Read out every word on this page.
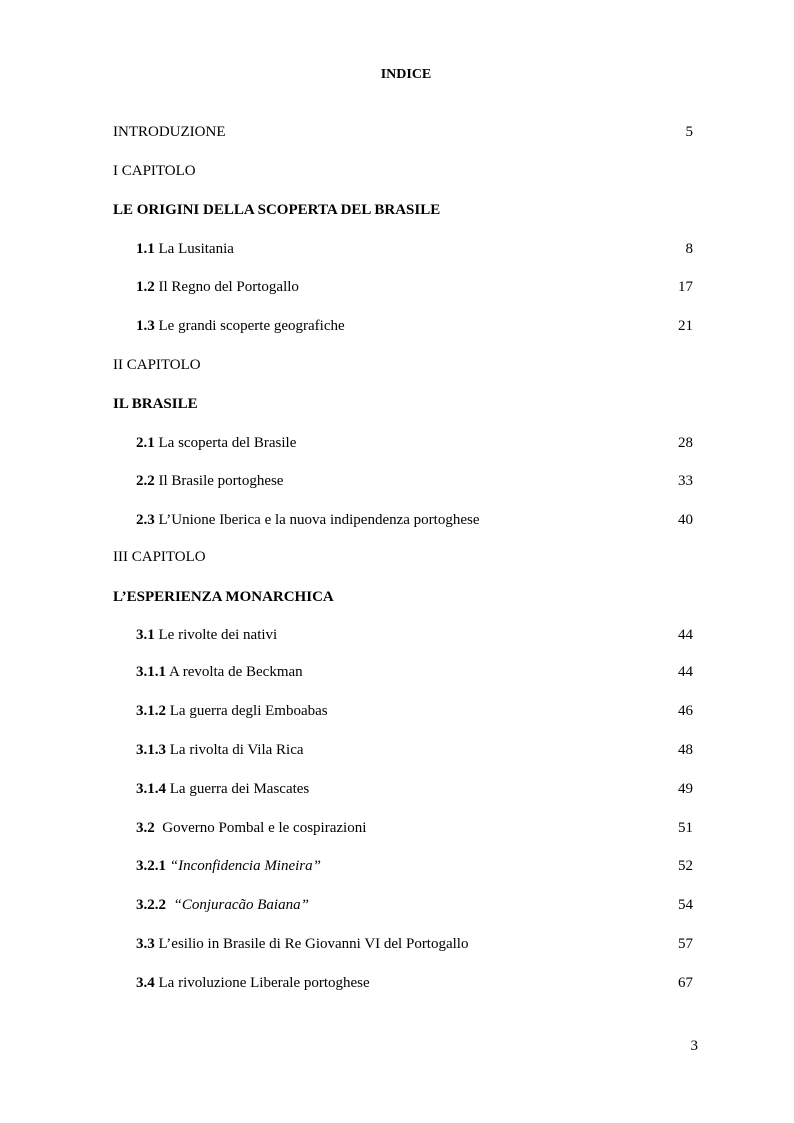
INDICE
INTRODUZIONE	5
I CAPITOLO
LE ORIGINI DELLA SCOPERTA DEL BRASILE
1.1 La Lusitania	8
1.2 Il Regno del Portogallo	17
1.3 Le grandi scoperte geografiche	21
II CAPITOLO
IL BRASILE
2.1 La scoperta del Brasile	28
2.2 Il Brasile portoghese	33
2.3 L’Unione Iberica e la nuova indipendenza portoghese	40
III CAPITOLO
L’ESPERIENZA MONARCHICA
3.1 Le rivolte dei nativi	44
3.1.1 A revolta de Beckman	44
3.1.2 La guerra degli Emboabas	46
3.1.3 La rivolta di Vila Rica	48
3.1.4 La guerra dei Mascates	49
3.2 Governo Pombal e le cospirazioni	51
3.2.1 “Inconfidencia Mineira”	52
3.2.2 “Conjuracão Baiana”	54
3.3 L’esilio in Brasile di Re Giovanni VI del Portogallo	57
3.4 La rivoluzione Liberale portoghese	67
3
